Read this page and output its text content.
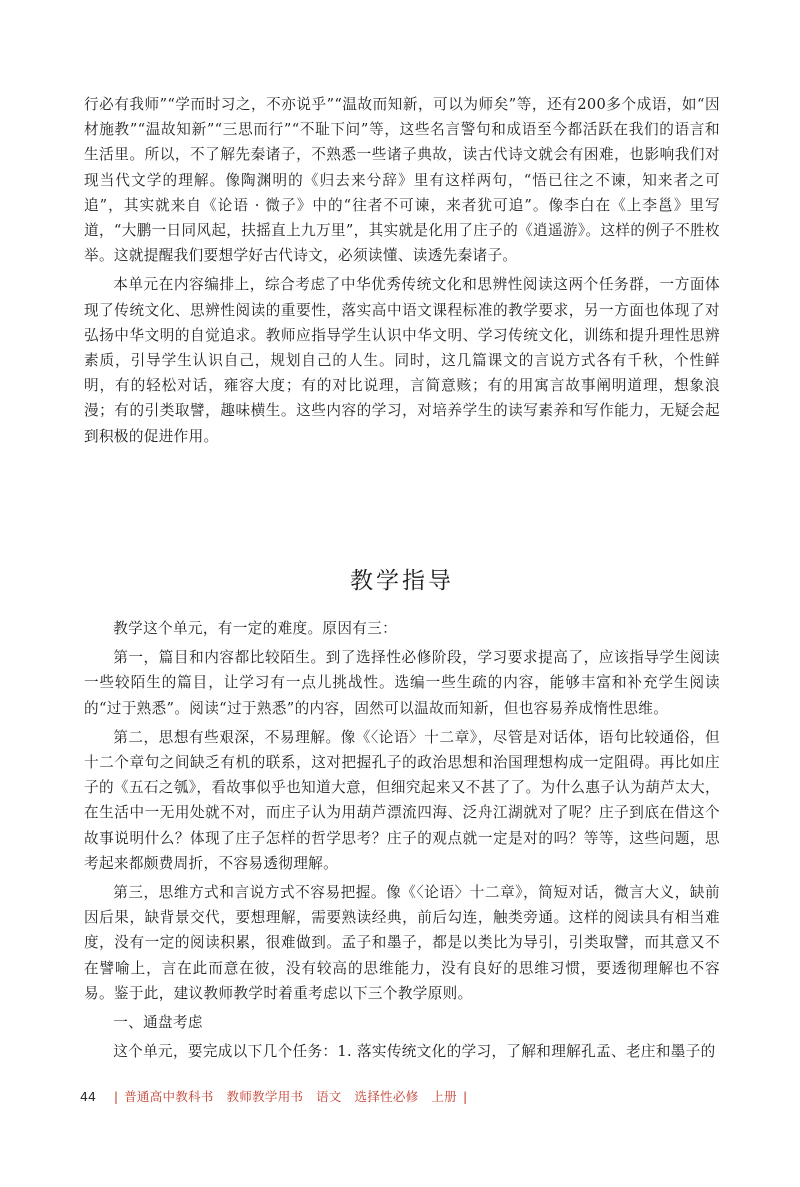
行必有我师”“学而时习之，不亦说乎”“温故而知新，可以为师矣”等，还有200多个成语，如“因材施教”“温故知新”“三思而行”“不耻下问”等，这些名言警句和成语至今都活跃在我们的语言和生活里。所以，不了解先秦诸子，不熟悉一些诸子典故，读古代诗文就会有困难，也影响我们对现当代文学的理解。像陶渊明的《归去来兮辞》里有这样两句，“悟已往之不谏，知来者之可追”，其实就来自《论语 · 微子》中的“往者不可谏，来者犹可追”。像李白在《上李邕》里写道，“大鹏一日同风起，扶摇直上九万里”，其实就是化用了庄子的《逍遥游》。这样的例子不胜枚举。这就提醒我们要想学好古代诗文，必须读懂、读透先秦诸子。

本单元在内容编排上，综合考虑了中华优秀传统文化和思辨性阅读这两个任务群，一方面体现了传统文化、思辨性阅读的重要性，落实高中语文课程标准的教学要求，另一方面也体现了对弘扬中华文明的自觉追求。教师应指导学生认识中华文明、学习传统文化，训练和提升理性思辨素质，引导学生认识自己，规划自己的人生。同时，这几篇课文的言说方式各有千秋，个性鲜明，有的轻松对话，雍容大度；有的对比说理，言简意赅；有的用寓言故事阐明道理，想象浪漫；有的引类取譬，趣味横生。这些内容的学习，对培养学生的读写素养和写作能力，无疑会起到积极的促进作用。

教学指导

教学这个单元，有一定的难度。原因有三：

第一，篇目和内容都比较陌生。到了选择性必修阶段，学习要求提高了，应该指导学生阅读一些较陌生的篇目，让学习有一点儿挑战性。选编一些生疏的内容，能够丰富和补充学生阅读的“过于熟悉”。阅读“过于熟悉”的内容，固然可以温故而知新，但也容易养成惰性思维。

第二，思想有些艰深，不易理解。像《〈论语〉十二章》，尽管是对话体，语句比较通俗，但十二个章句之间缺乏有机的联系，这对把握孔子的政治思想和治国理想构成一定阻碍。再比如庄子的《五石之瓠》，看故事似乎也知道大意，但细究起来又不甚了了。为什么惠子认为葫芦太大，在生活中一无用处就不对，而庄子认为用葫芦漂流四海、泛舟江湖就对了呢？庄子到底在借这个故事说明什么？体现了庄子怎样的哲学思考？庄子的观点就一定是对的吗？等等，这些问题，思考起来都颇费周折，不容易透彻理解。

第三，思维方式和言说方式不容易把握。像《〈论语〉十二章》，简短对话，微言大义，缺前因后果，缺背景交代，要想理解，需要熟读经典，前后勾连，触类旁通。这样的阅读具有相当难度，没有一定的阅读积累，很难做到。孟子和墨子，都是以类比为导引，引类取譬，而其意又不在譬喻上，言在此而意在彼，没有较高的思维能力，没有良好的思维习惯，要透彻理解也不容易。鉴于此，建议教师教学时着重考虑以下三个教学原则。

一、通盘考虑

这个单元，要完成以下几个任务：1. 落实传统文化的学习，了解和理解孔孟、老庄和墨子的

44 | 普通高中教科书　教师教学用书　语文　选择性必修　上册 |
